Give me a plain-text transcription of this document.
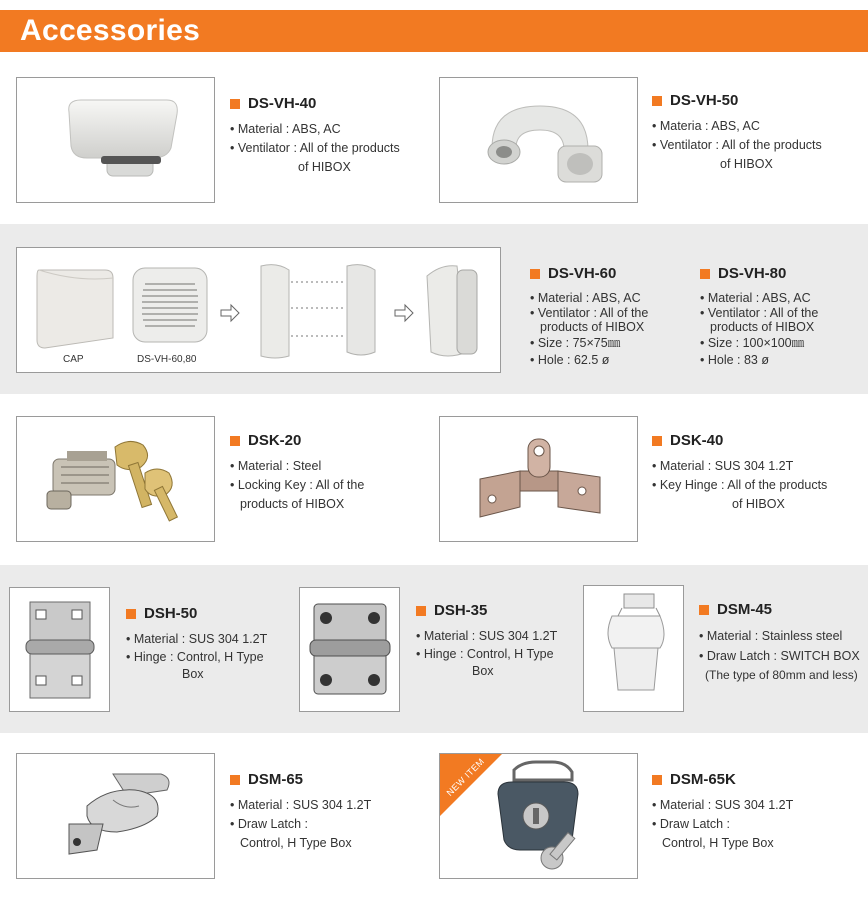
Accessories
DS-VH-40
• Material : ABS, AC
• Ventilator : All of the products
of HIBOX
DS-VH-50
• Materia : ABS, AC
• Ventilator : All of the products
of HIBOX
CAP	DS-VH-60,80
DS-VH-60
• Material : ABS, AC
• Ventilator : All of the
products of HIBOX
• Size : 75×75㎜
• Hole : 62.5 ø
DS-VH-80
• Material : ABS, AC
• Ventilator : All of the
products of HIBOX
• Size : 100×100㎜
• Hole : 83 ø
DSK-20
• Material : Steel
• Locking Key : All of the
products of HIBOX
DSK-40
• Material : SUS 304 1.2T
• Key Hinge : All of the products
of HIBOX
DSH-50
• Material : SUS 304 1.2T
• Hinge : Control, H Type
Box
DSH-35
• Material : SUS 304 1.2T
• Hinge : Control, H Type
Box
DSM-45
• Material : Stainless steel
• Draw Latch : SWITCH BOX
(The type of 80mm and less)
DSM-65
• Material : SUS 304 1.2T
• Draw Latch :
Control, H Type Box
NEW ITEM	DSM-65K
• Material : SUS 304 1.2T
• Draw Latch :
Control, H Type Box
